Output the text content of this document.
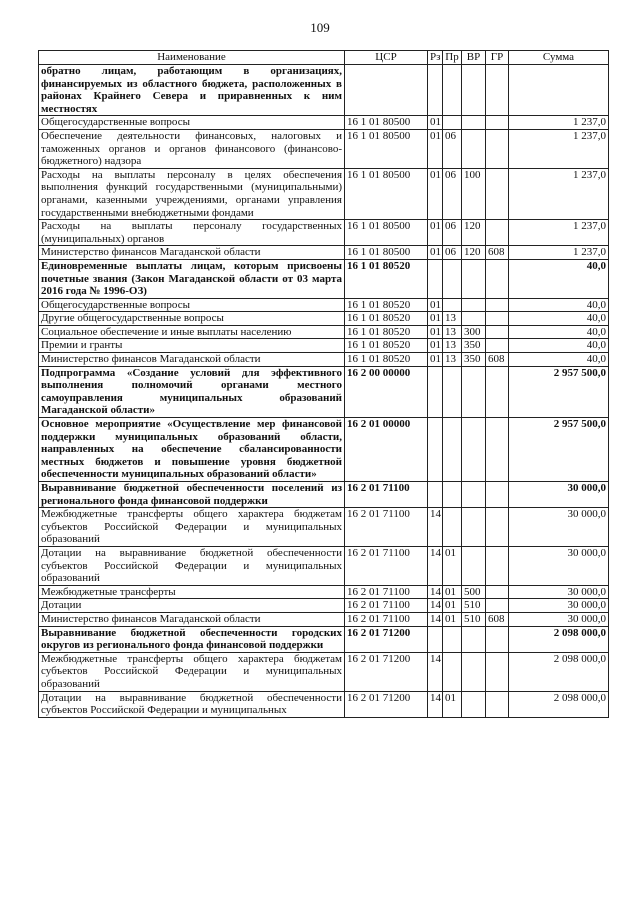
109
Наименование	ЦСР	Рз	Пр	ВР	ГР	Сумма
обратно лицам, работающим в организациях, финансируемых из областного бюджета, расположенных в районах Крайнего Севера и приравненных к ним местностях						
Общегосударственные вопросы	16 1 01 80500	01				1 237,0
Обеспечение деятельности финансовых, налоговых и таможенных органов и органов финансового (финансово-бюджетного) надзора	16 1 01 80500	01	06			1 237,0
Расходы на выплаты персоналу в целях обеспечения выполнения функций государственными (муниципальными) органами, казенными учреждениями, органами управления государственными внебюджетными фондами	16 1 01 80500	01	06	100		1 237,0
Расходы на выплаты персоналу государственных (муниципальных) органов	16 1 01 80500	01	06	120		1 237,0
Министерство финансов Магаданской области	16 1 01 80500	01	06	120	608	1 237,0
Единовременные выплаты лицам, которым присвоены почетные звания (Закон Магаданской области от 03 марта 2016 года № 1996-ОЗ)	16 1 01 80520					40,0
Общегосударственные вопросы	16 1 01 80520	01				40,0
Другие общегосударственные вопросы	16 1 01 80520	01	13			40,0
Социальное обеспечение и иные выплаты населению	16 1 01 80520	01	13	300		40,0
Премии и гранты	16 1 01 80520	01	13	350		40,0
Министерство финансов Магаданской области	16 1 01 80520	01	13	350	608	40,0
Подпрограмма «Создание условий для эффективного выполнения полномочий органами местного самоуправления муниципальных образований Магаданской области»	16 2 00 00000					2 957 500,0
Основное мероприятие «Осуществление мер финансовой поддержки муниципальных образований области, направленных на обеспечение сбалансированности местных бюджетов и повышение уровня бюджетной обеспеченности муниципальных образований области»	16 2 01 00000					2 957 500,0
Выравнивание бюджетной обеспеченности поселений из регионального фонда финансовой поддержки	16 2 01 71100					30 000,0
Межбюджетные трансферты общего характера бюджетам субъектов Российской Федерации и муниципальных образований	16 2 01 71100	14				30 000,0
Дотации на выравнивание бюджетной обеспеченности субъектов Российской Федерации и муниципальных образований	16 2 01 71100	14	01			30 000,0
Межбюджетные трансферты	16 2 01 71100	14	01	500		30 000,0
Дотации	16 2 01 71100	14	01	510		30 000,0
Министерство финансов Магаданской области	16 2 01 71100	14	01	510	608	30 000,0
Выравнивание бюджетной обеспеченности городских округов из регионального фонда финансовой поддержки	16 2 01 71200					2 098 000,0
Межбюджетные трансферты общего характера бюджетам субъектов Российской Федерации и муниципальных образований	16 2 01 71200	14				2 098 000,0
Дотации на выравнивание бюджетной обеспеченности субъектов Российской Федерации и муниципальных	16 2 01 71200	14	01			2 098 000,0
